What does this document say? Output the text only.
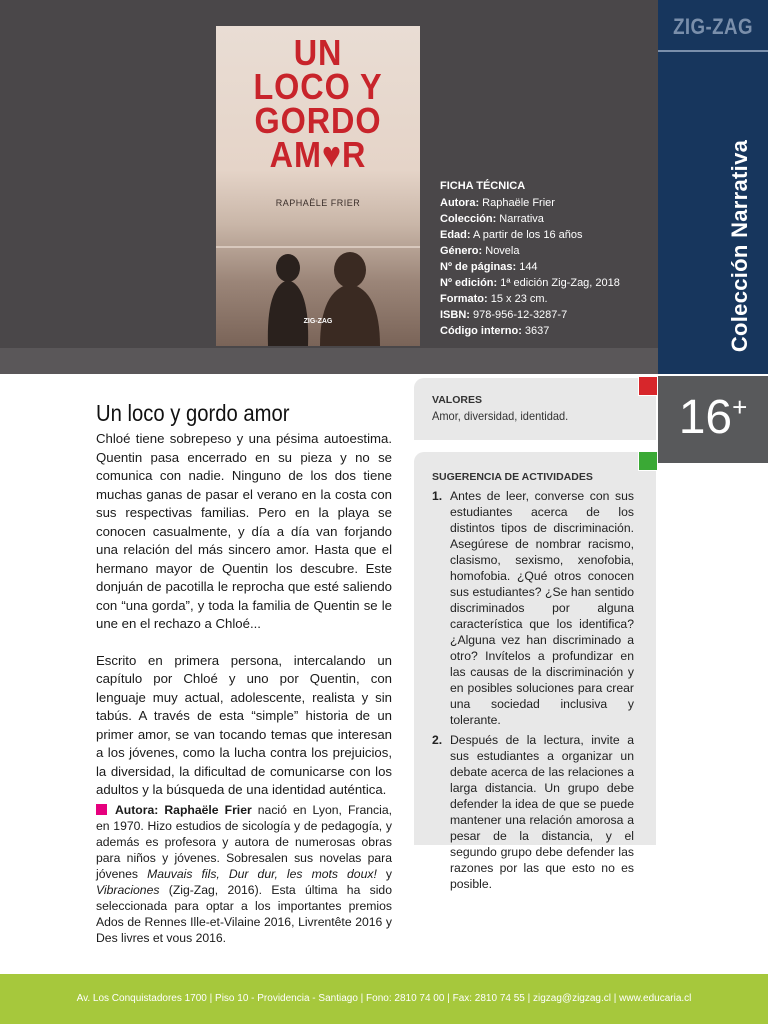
ZIG-ZAG
Colección Narrativa
16+
UN
LOCO Y
GORDO
AM♥R
RAPHAËLE FRIER
ZIG-ZAG
FICHA TÉCNICA
Autora: Raphaële Frier
Colección: Narrativa
Edad: A partir de los 16 años
Género: Novela
Nº de páginas: 144
Nº edición: 1ª edición Zig-Zag, 2018
Formato: 15 x 23 cm.
ISBN: 978-956-12-3287-7
Código interno: 3637
Un loco y gordo amor

Chloé tiene sobrepeso y una pésima autoestima. Quentin pasa encerrado en su pieza y no se comunica con nadie. Ninguno de los dos tiene muchas ganas de pasar el verano en la costa con sus respectivas familias. Pero en la playa se conocen casualmente, y día a día van forjando una relación del más sincero amor. Hasta que el hermano mayor de Quentin los descubre. Este donjuán de pacotilla le reprocha que esté saliendo con “una gorda”, y toda la familia de Quentin se le une en el rechazo a Chloé...

Escrito en primera persona, intercalando un capítulo por Chloé y uno por Quentin, con lenguaje muy actual, adolescente, realista y sin tabús. A través de esta “simple” historia de un primer amor, se van tocando temas que interesan a los jóvenes, como la lucha contra los prejuicios, la diversidad, la dificultad de comunicarse con los adultos y la búsqueda de una identidad auténtica.

Autora: Raphaële Frier nació en Lyon, Francia, en 1970. Hizo estudios de sicología y de pedagogía, y además es profesora y autora de numerosas obras para niños y jóvenes. Sobresalen sus novelas para jóvenes Mauvais fils, Dur dur, les mots doux! y Vibraciones (Zig-Zag, 2016). Esta última ha sido seleccionada para optar a los importantes premios Ados de Rennes Ille-et-Vilaine 2016, Livrentête 2016 y Des livres et vous 2016.
VALORES
Amor, diversidad, identidad.
SUGERENCIA DE ACTIVIDADES
1. Antes de leer, converse con sus estudiantes acerca de los distintos tipos de discriminación. Asegúrese de nombrar racismo, clasismo, sexismo, xenofobia, homofobia. ¿Qué otros conocen sus estudiantes? ¿Se han sentido discriminados por alguna característica que los identifica? ¿Alguna vez han discriminado a otro? Invítelos a profundizar en las causas de la discriminación y en posibles soluciones para crear una sociedad inclusiva y tolerante.
2. Después de la lectura, invite a sus estudiantes a organizar un debate acerca de las relaciones a larga distancia. Un grupo debe defender la idea de que se puede mantener una relación amorosa a pesar de la distancia, y el segundo grupo debe defender las razones por las que esto no es posible.
Av. Los Conquistadores 1700 | Piso 10 - Providencia - Santiago | Fono: 2810 74 00 | Fax: 2810 74 55 | zigzag@zigzag.cl | www.educaria.cl
